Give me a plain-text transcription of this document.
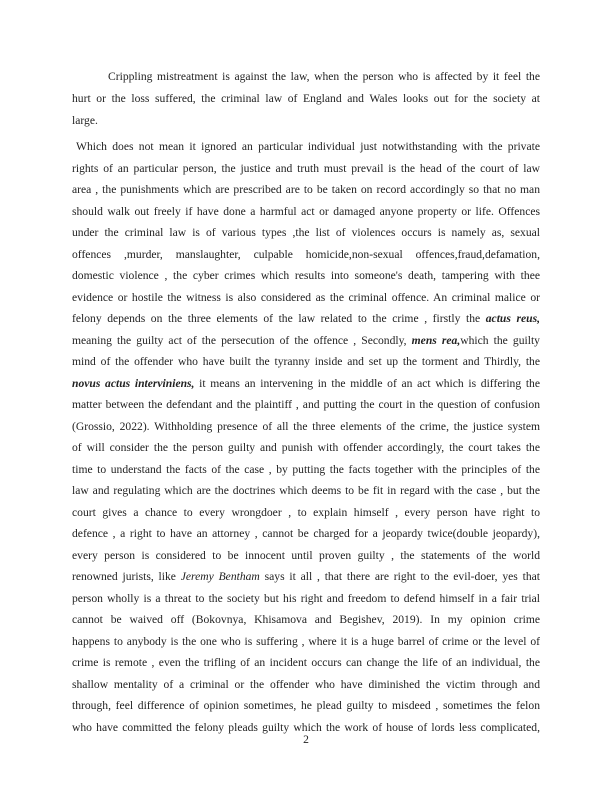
Crippling mistreatment is against the law, when the person who is affected by it feel the
hurt or the loss suffered, the criminal law of England and Wales looks out for the society at
large.
Which does not mean it ignored an particular individual just notwithstanding with the private
rights of an particular person, the justice and truth must prevail is the head of the court of law
area , the punishments which are prescribed are to be taken on record accordingly so that no man
should walk out freely if have done a harmful act or damaged anyone property or life. Offences
under the criminal law is of various types ,the list of violences occurs is namely as, sexual
offences ,murder, manslaughter, culpable homicide,non-sexual offences,fraud,defamation,
domestic violence , the cyber crimes which results into someone's death, tampering with thee
evidence or hostile the witness is also considered as the criminal offence. An criminal malice or
felony depends on the three elements of the law related to the crime , firstly the actus reus,
meaning the guilty act of the persecution of the offence , Secondly, mens rea,which the guilty
mind of the offender who have built the tyranny inside and set up the torment and Thirdly, the
novus actus interviniens, it means an intervening in the middle of an act which is differing the
matter between the defendant and the plaintiff , and putting the court in the question of confusion
(Grossio, 2022). Withholding presence of all the three elements of the crime, the justice system
of will consider the the person guilty and punish with offender accordingly, the court takes the
time to understand the facts of the case , by putting the facts together with the principles of the
law and regulating which are the doctrines which deems to be fit in regard with the case , but the
court gives a chance to every wrongdoer , to explain himself , every person have right to
defence , a right to have an attorney , cannot be charged for a jeopardy twice(double jeopardy),
every person is considered to be innocent until proven guilty , the statements of the world
renowned jurists, like Jeremy Bentham says it all , that there are right to the evil-doer, yes that
person wholly is a threat to the society but his right and freedom to defend himself in a fair trial
cannot be waived off (Bokovnya, Khisamova and Begishev, 2019). In my opinion crime
happens to anybody is the one who is suffering , where it is a huge barrel of crime or the level of
crime is remote , even the trifling of an incident occurs can change the life of an individual, the
shallow mentality of a criminal or the offender who have diminished the victim through and
through, feel difference of opinion sometimes, he plead guilty to misdeed , sometimes the felon
who have committed the felony pleads guilty which the work of house of lords less complicated,
2
